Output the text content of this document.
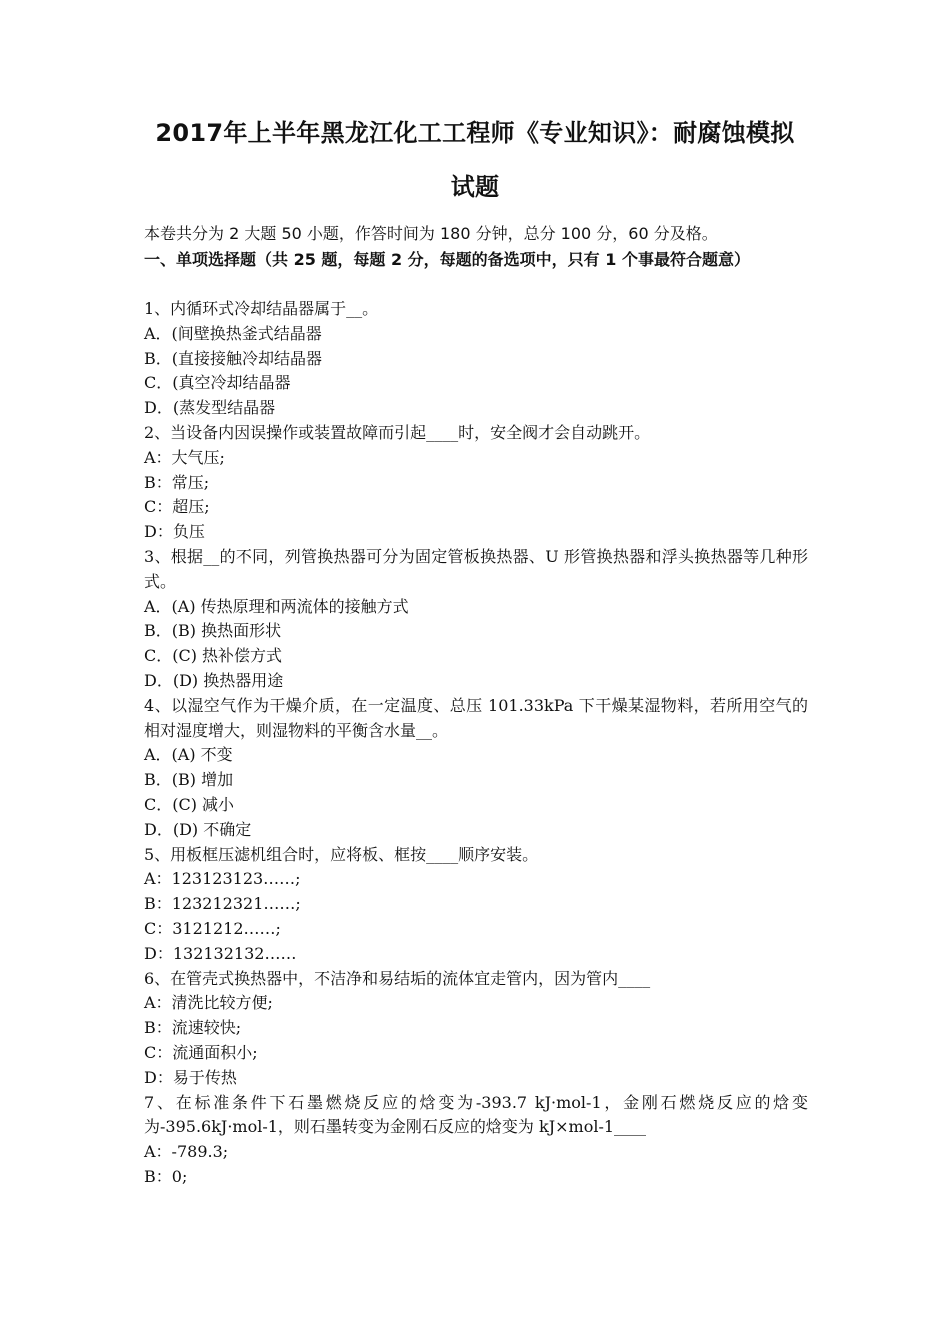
2017年上半年黑龙江化工工程师《专业知识》：耐腐蚀模拟
试题
本卷共分为 2 大题 50 小题，作答时间为 180 分钟，总分 100 分，60 分及格。
一、单项选择题（共 25 题，每题 2 分，每题的备选项中，只有 1 个事最符合题意）
1、内循环式冷却结晶器属于__。
A．(间壁换热釜式结晶器
B．(直接接触冷却结晶器
C．(真空冷却结晶器
D．(蒸发型结晶器
2、当设备内因误操作或装置故障而引起____时，安全阀才会自动跳开。
A：大气压;
B：常压;
C：超压;
D：负压
3、根据__的不同，列管换热器可分为固定管板换热器、U 形管换热器和浮头换热器等几种形式。
A．(A) 传热原理和两流体的接触方式
B．(B) 换热面形状
C．(C) 热补偿方式
D．(D) 换热器用途
4、以湿空气作为干燥介质，在一定温度、总压 101.33kPa 下干燥某湿物料，若所用空气的相对湿度增大，则湿物料的平衡含水量__。
A．(A) 不变
B．(B) 增加
C．(C) 减小
D．(D) 不确定
5、用板框压滤机组合时，应将板、框按____顺序安装。
A：123123123……;
B：123212321……;
C：3121212……;
D：132132132……
6、在管壳式换热器中，不洁净和易结垢的流体宜走管内，因为管内____
A：清洗比较方便;
B：流速较快;
C：流通面积小;
D：易于传热
7、在标准条件下石墨燃烧反应的焓变为-393.7 kJ·mol-1，金刚石燃烧反应的焓变为-395.6kJ·mol-1，则石墨转变为金刚石反应的焓变为 kJ×mol-1____
A：-789.3;
B：0;
